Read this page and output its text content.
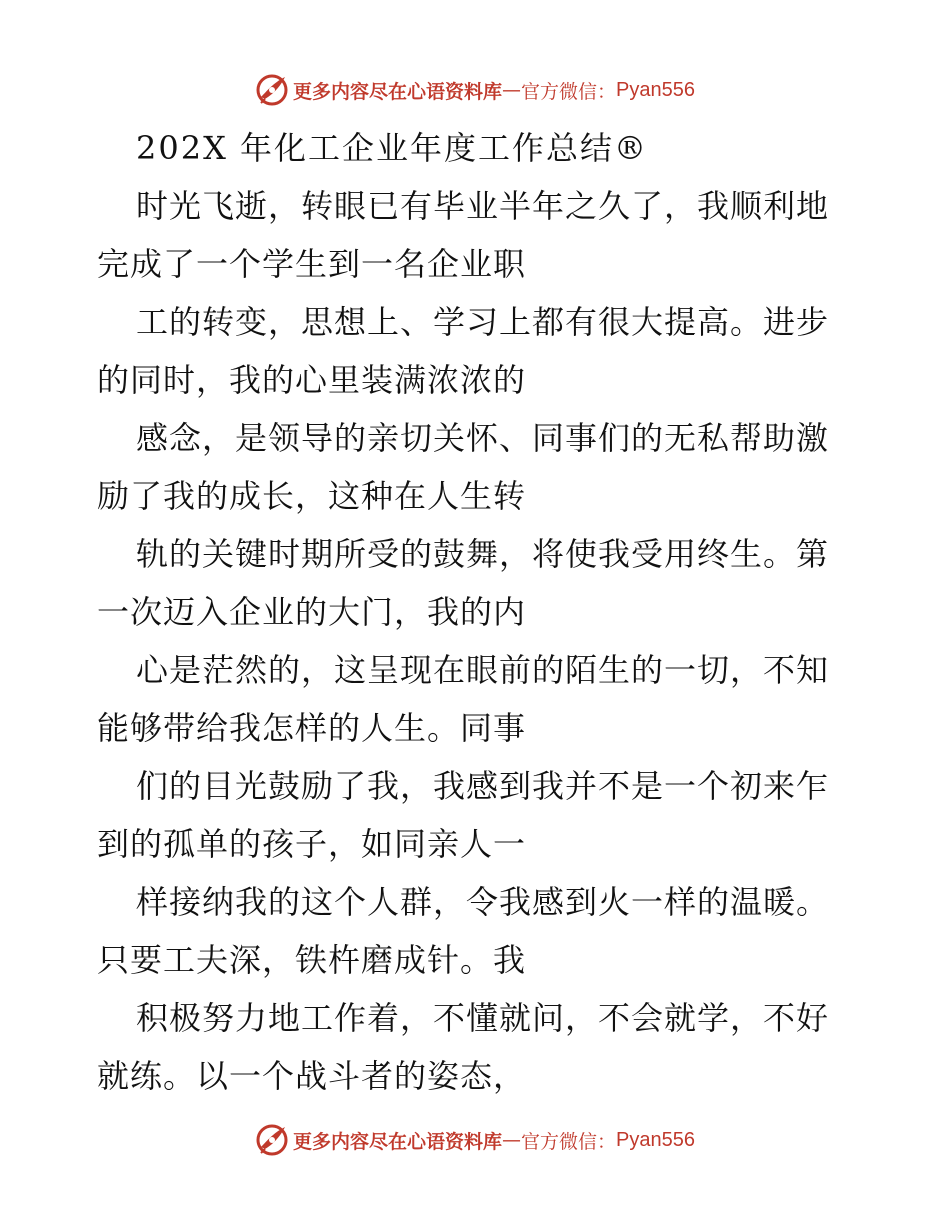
更多内容尽在心语资料库 — 官方微信： Pyan556
202X 年化工企业年度工作总结®
时光飞逝，转眼已有毕业半年之久了，我顺利地
完成了一个学生到一名企业职
工的转变，思想上、学习上都有很大提高。进步
的同时，我的心里装满浓浓的
感念，是领导的亲切关怀、同事们的无私帮助激
励了我的成长，这种在人生转
轨的关键时期所受的鼓舞，将使我受用终生。第
一次迈入企业的大门，我的内
心是茫然的，这呈现在眼前的陌生的一切，不知
能够带给我怎样的人生。同事
们的目光鼓励了我，我感到我并不是一个初来乍
到的孤单的孩子，如同亲人一
样接纳我的这个人群，令我感到火一样的温暖。
只要工夫深，铁杵磨成针。我
积极努力地工作着，不懂就问，不会就学，不好
就练。以一个战斗者的姿态，
更多内容尽在心语资料库 — 官方微信： Pyan556
